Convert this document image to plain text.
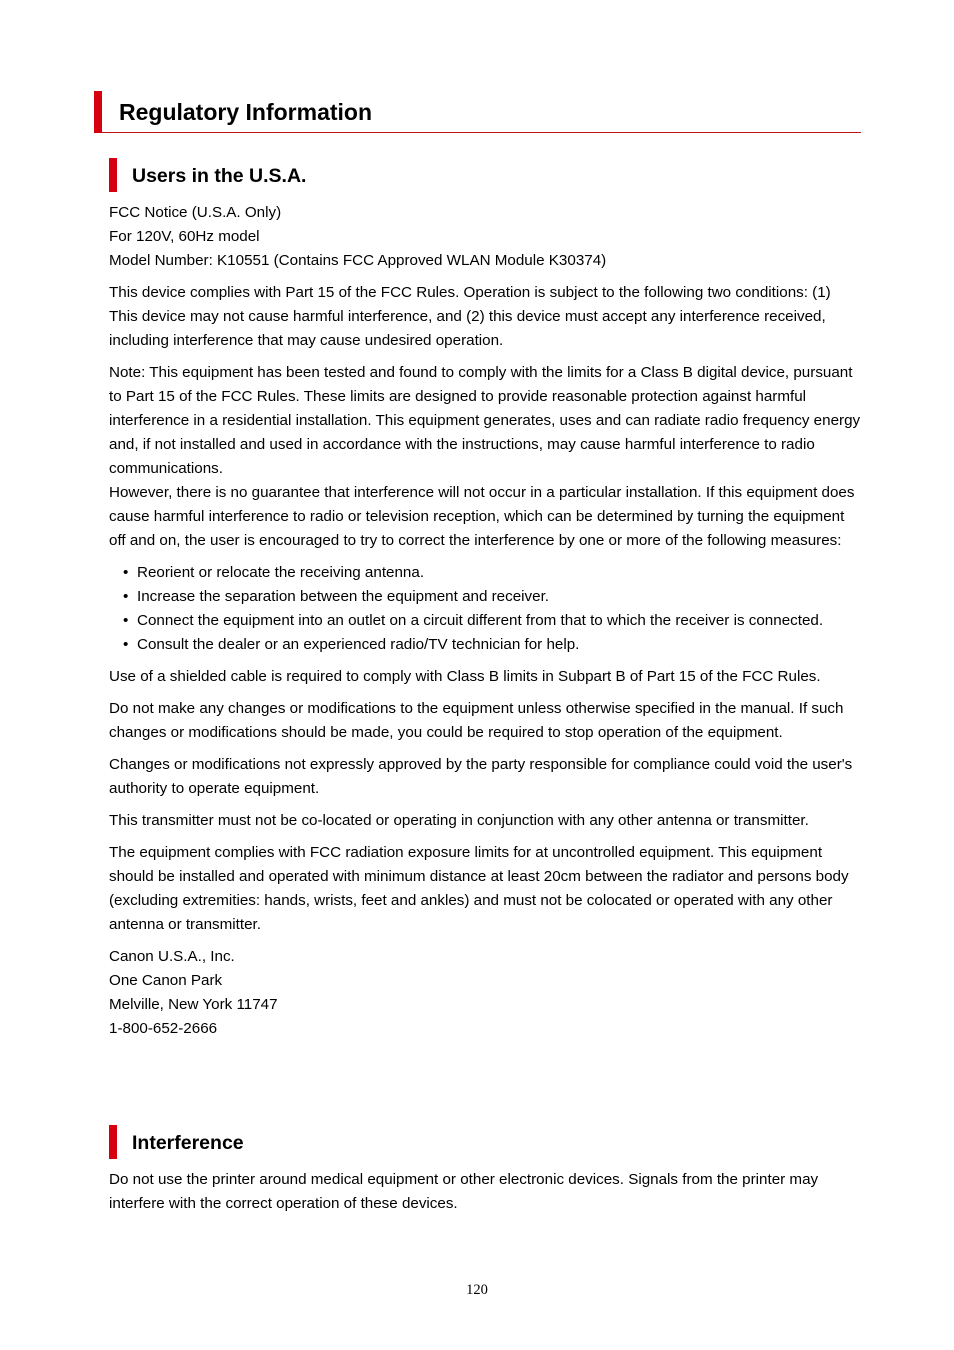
Regulatory Information
Users in the U.S.A.
FCC Notice (U.S.A. Only)
For 120V, 60Hz model
Model Number: K10551 (Contains FCC Approved WLAN Module K30374)

This device complies with Part 15 of the FCC Rules. Operation is subject to the following two conditions: (1) This device may not cause harmful interference, and (2) this device must accept any interference received, including interference that may cause undesired operation.

Note: This equipment has been tested and found to comply with the limits for a Class B digital device, pursuant to Part 15 of the FCC Rules. These limits are designed to provide reasonable protection against harmful interference in a residential installation. This equipment generates, uses and can radiate radio frequency energy and, if not installed and used in accordance with the instructions, may cause harmful interference to radio communications.

However, there is no guarantee that interference will not occur in a particular installation. If this equipment does cause harmful interference to radio or television reception, which can be determined by turning the equipment off and on, the user is encouraged to try to correct the interference by one or more of the following measures:

• Reorient or relocate the receiving antenna.
• Increase the separation between the equipment and receiver.
• Connect the equipment into an outlet on a circuit different from that to which the receiver is connected.
• Consult the dealer or an experienced radio/TV technician for help.

Use of a shielded cable is required to comply with Class B limits in Subpart B of Part 15 of the FCC Rules.

Do not make any changes or modifications to the equipment unless otherwise specified in the manual. If such changes or modifications should be made, you could be required to stop operation of the equipment.

Changes or modifications not expressly approved by the party responsible for compliance could void the user's authority to operate equipment.

This transmitter must not be co-located or operating in conjunction with any other antenna or transmitter.

The equipment complies with FCC radiation exposure limits for at uncontrolled equipment. This equipment should be installed and operated with minimum distance at least 20cm between the radiator and persons body (excluding extremities: hands, wrists, feet and ankles) and must not be colocated or operated with any other antenna or transmitter.

Canon U.S.A., Inc.
One Canon Park
Melville, New York 11747
1-800-652-2666
Interference

Do not use the printer around medical equipment or other electronic devices. Signals from the printer may interfere with the correct operation of these devices.

120
